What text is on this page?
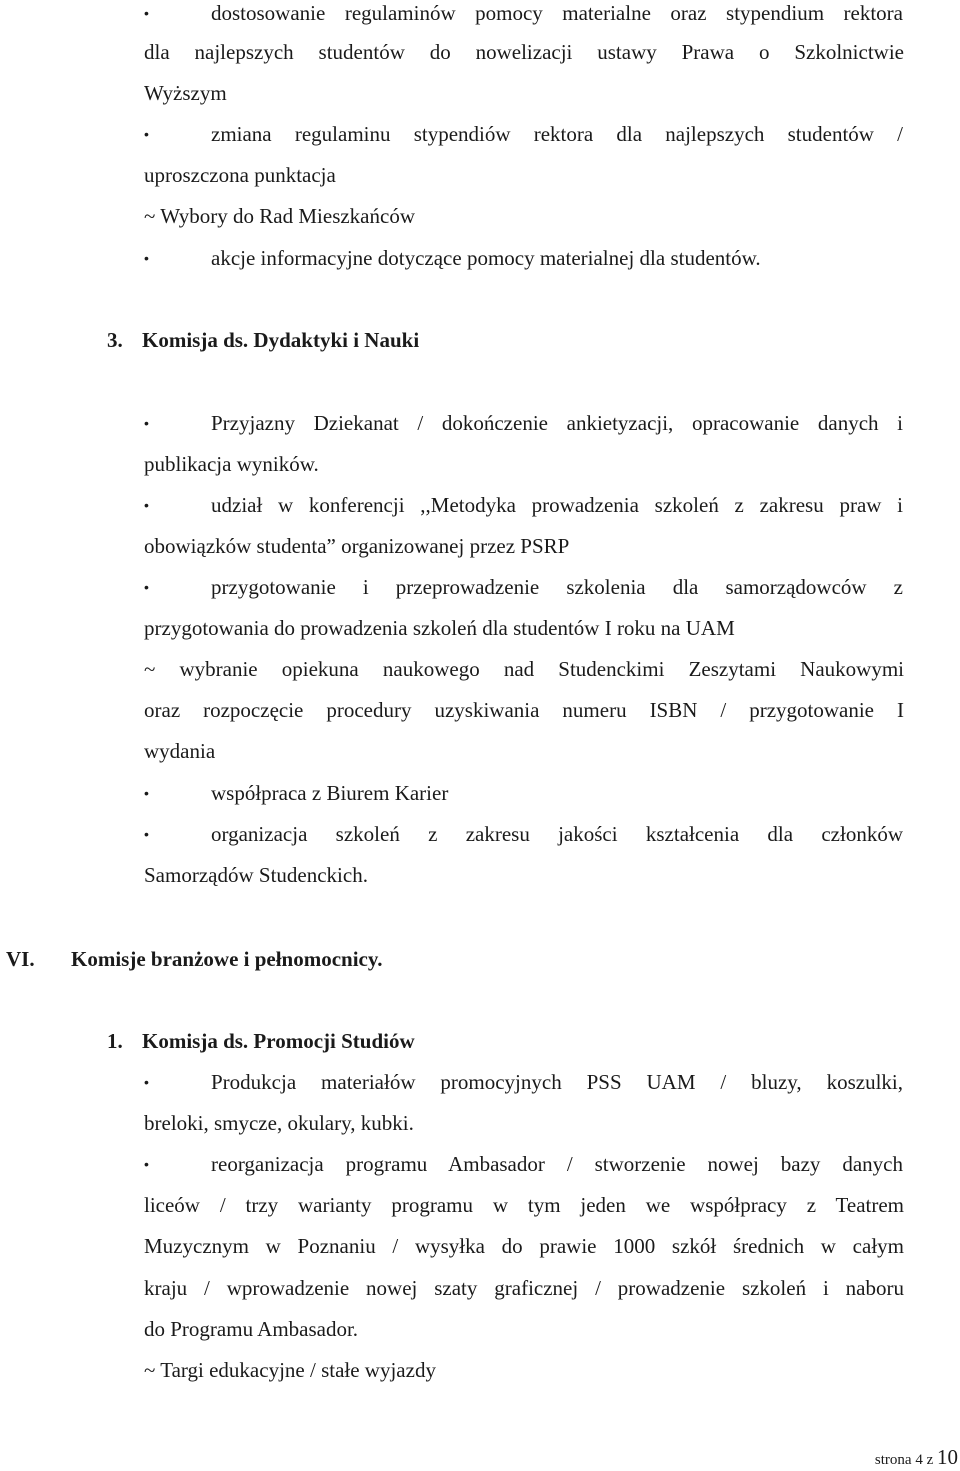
•	dostosowanie regulaminów pomocy materialne oraz stypendium rektora
dla najlepszych studentów do nowelizacji ustawy Prawa o Szkolnictwie
Wyższym
•	zmiana regulaminu stypendiów rektora dla najlepszych studentów /
uproszczona punktacja
~ Wybory do Rad Mieszkańców
•	akcje informacyjne dotyczące pomocy materialnej dla studentów.
3. Komisja ds. Dydaktyki i Nauki
•	Przyjazny Dziekanat / dokończenie ankietyzacji, opracowanie danych i
publikacja wyników.
•	udział w konferencji ,,Metodyka prowadzenia szkoleń z zakresu praw i
obowiązków studenta” organizowanej przez PSRP
•	przygotowanie i przeprowadzenie szkolenia dla samorządowców z
przygotowania do prowadzenia szkoleń dla studentów I roku na UAM
~ wybranie opiekuna naukowego nad Studenckimi Zeszytami Naukowymi
oraz rozpoczęcie procedury uzyskiwania numeru ISBN / przygotowanie I
wydania
•	współpraca z Biurem Karier
•	organizacja szkoleń z zakresu jakości kształcenia dla członków
Samorządów Studenckich.
VI. Komisje branżowe i pełnomocnicy.
1. Komisja ds. Promocji Studiów
•	Produkcja materiałów promocyjnych PSS UAM / bluzy, koszulki,
breloki, smycze, okulary, kubki.
•	reorganizacja programu Ambasador / stworzenie nowej bazy danych
liceów / trzy warianty programu w tym jeden we współpracy z Teatrem
Muzycznym w Poznaniu / wysyłka do prawie 1000 szkół średnich w całym
kraju / wprowadzenie nowej szaty graficznej / prowadzenie szkoleń i naboru
do Programu Ambasador.
~ Targi edukacyjne / stałe wyjazdy
strona 4 z 10
